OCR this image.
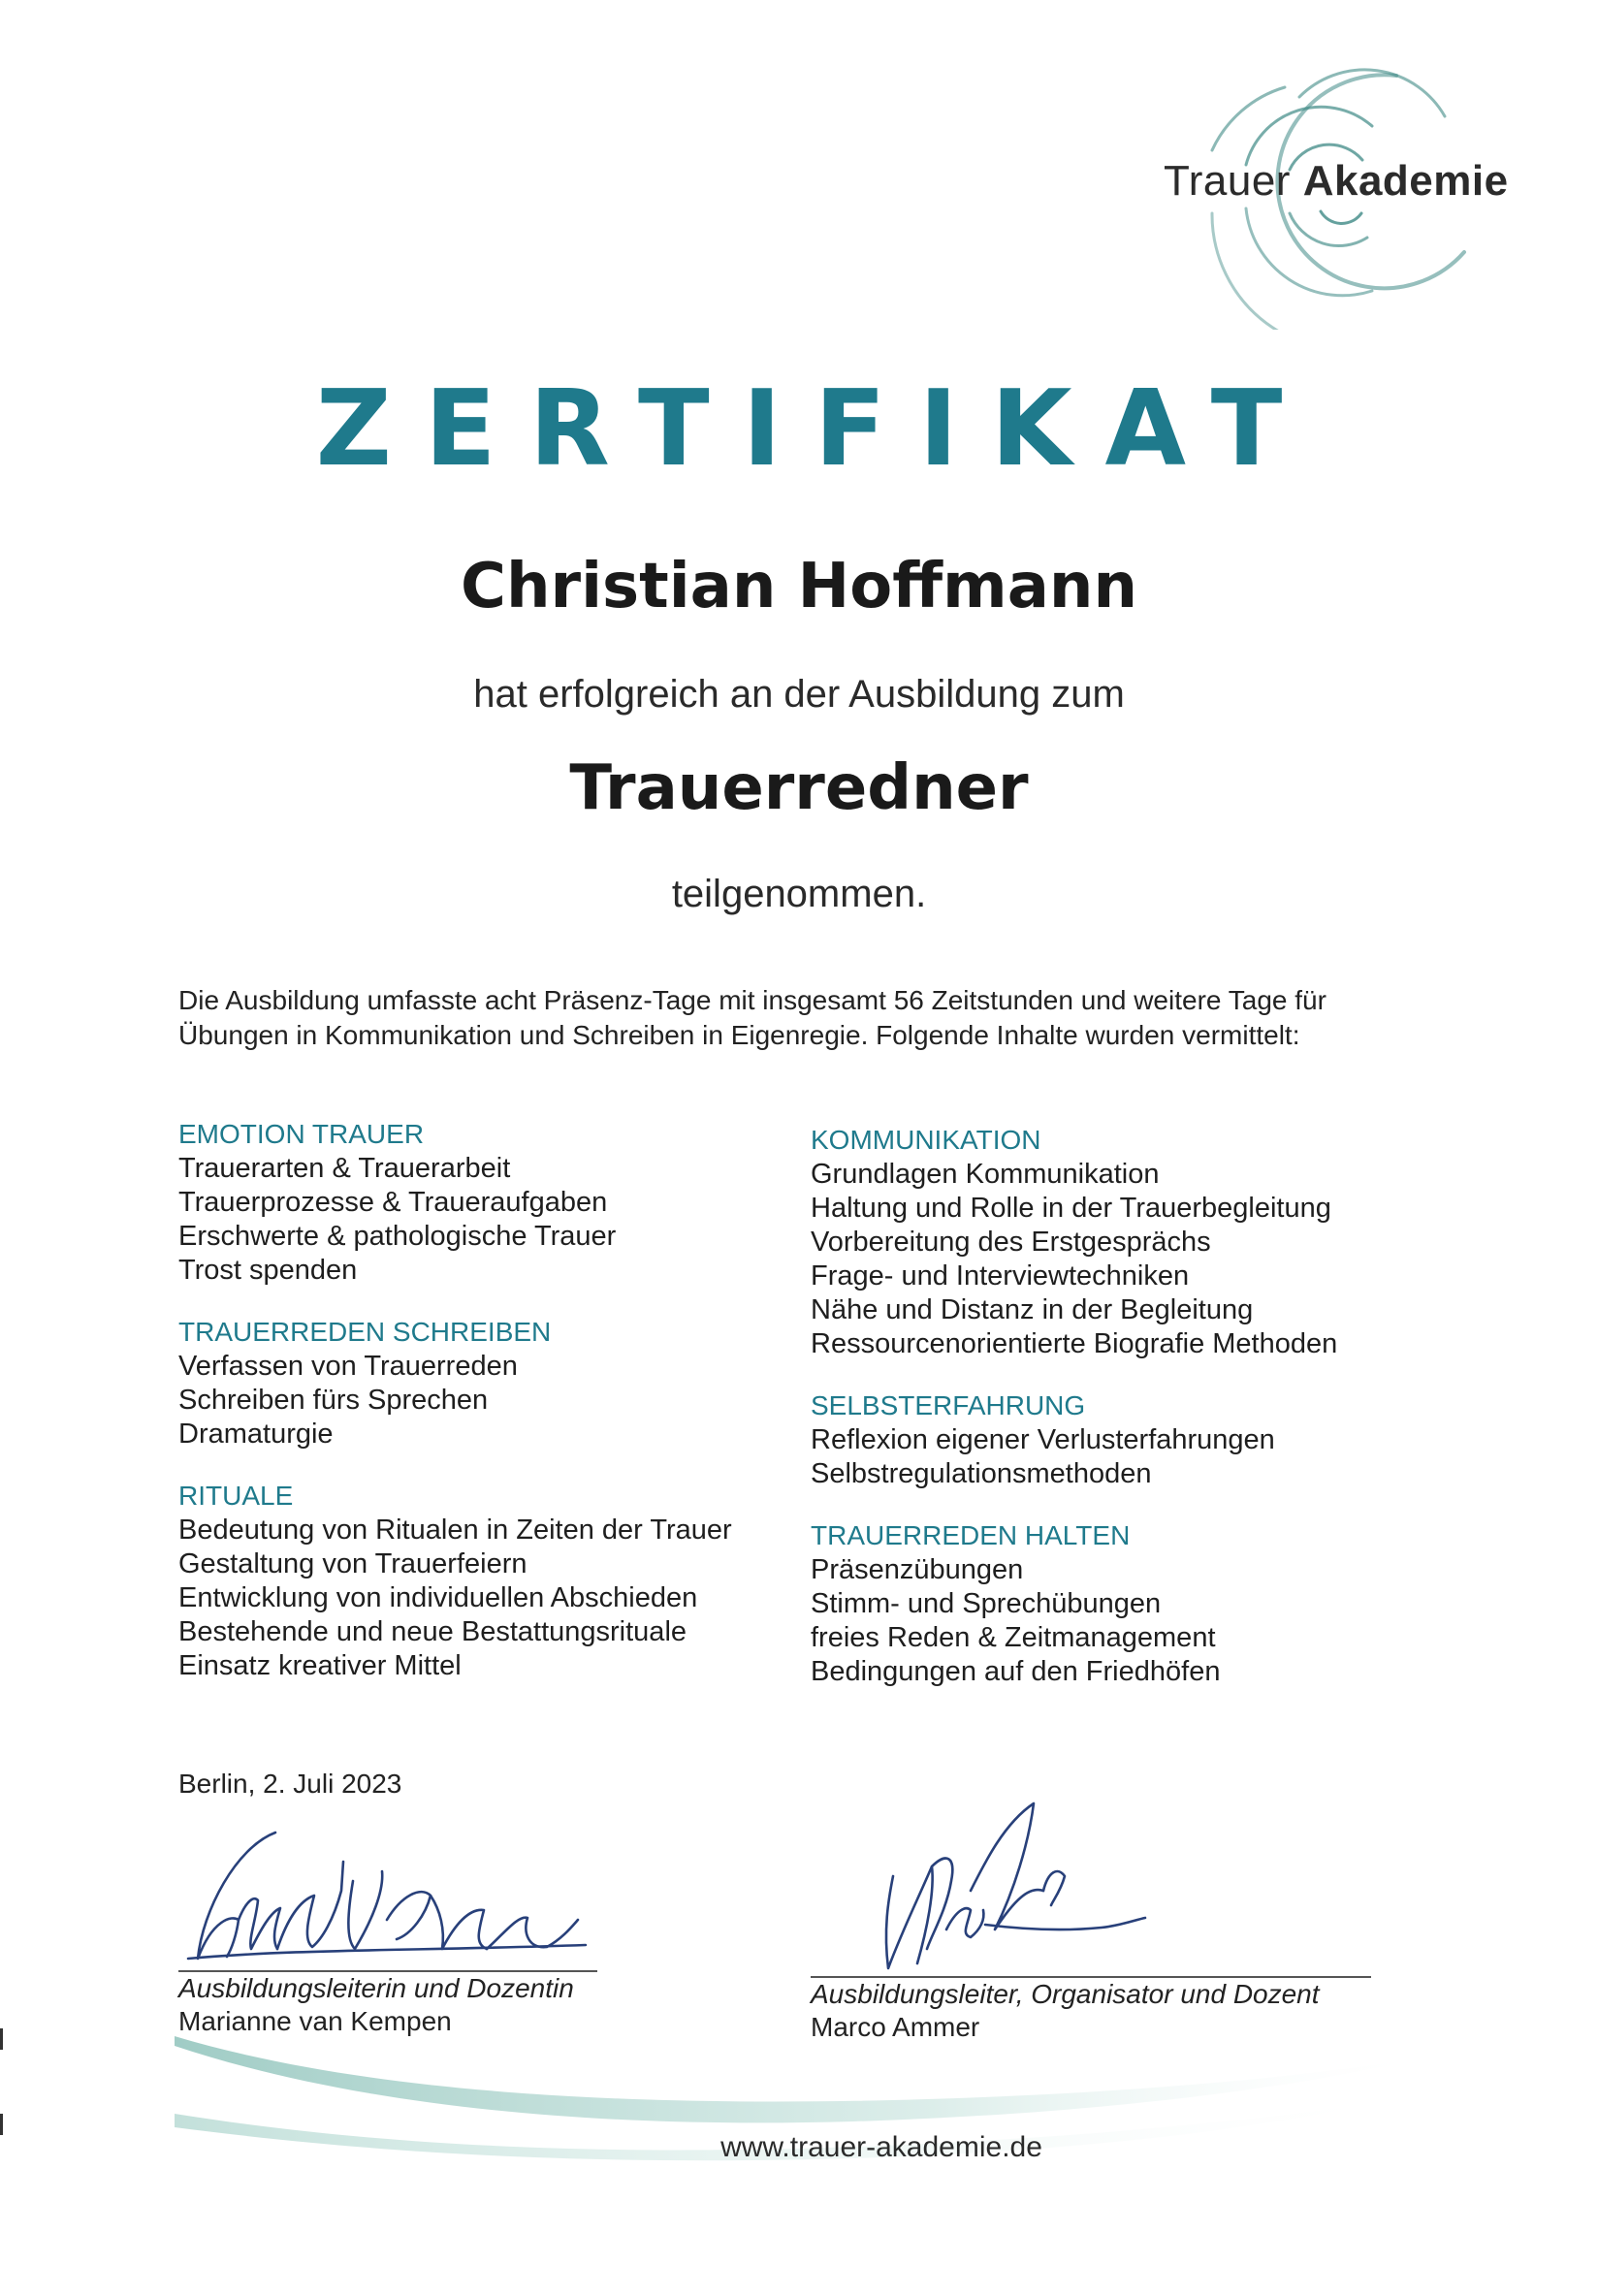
Trauer Akademie
ZERTIFIKAT
Christian Hoffmann
hat erfolgreich an der Ausbildung zum
Trauerredner
teilgenommen.
Die Ausbildung umfasste acht Präsenz-Tage mit insgesamt 56 Zeitstunden und weitere Tage für Übungen in Kommunikation und Schreiben in Eigenregie. Folgende Inhalte wurden vermittelt:
EMOTION TRAUER
Trauerarten & Trauerarbeit
Trauerprozesse & Traueraufgaben
Erschwerte & pathologische Trauer
Trost spenden
TRAUERREDEN SCHREIBEN
Verfassen von Trauerreden
Schreiben fürs Sprechen
Dramaturgie
RITUALE
Bedeutung von Ritualen in Zeiten der Trauer
Gestaltung von Trauerfeiern
Entwicklung von individuellen Abschieden
Bestehende und neue Bestattungsrituale
Einsatz kreativer Mittel
KOMMUNIKATION
Grundlagen Kommunikation
Haltung und Rolle in der Trauerbegleitung
Vorbereitung des Erstgesprächs
Frage- und Interviewtechniken
Nähe und Distanz in der Begleitung
Ressourcenorientierte Biografie Methoden
SELBSTERFAHRUNG
Reflexion eigener Verlusterfahrungen
Selbstregulationsmethoden
TRAUERREDEN HALTEN
Präsenzübungen
Stimm- und Sprechübungen
freies Reden & Zeitmanagement
Bedingungen auf den Friedhöfen
Berlin, 2. Juli 2023
Ausbildungsleiterin und Dozentin
Marianne van Kempen
Ausbildungsleiter, Organisator und Dozent
Marco Ammer
www.trauer-akademie.de
